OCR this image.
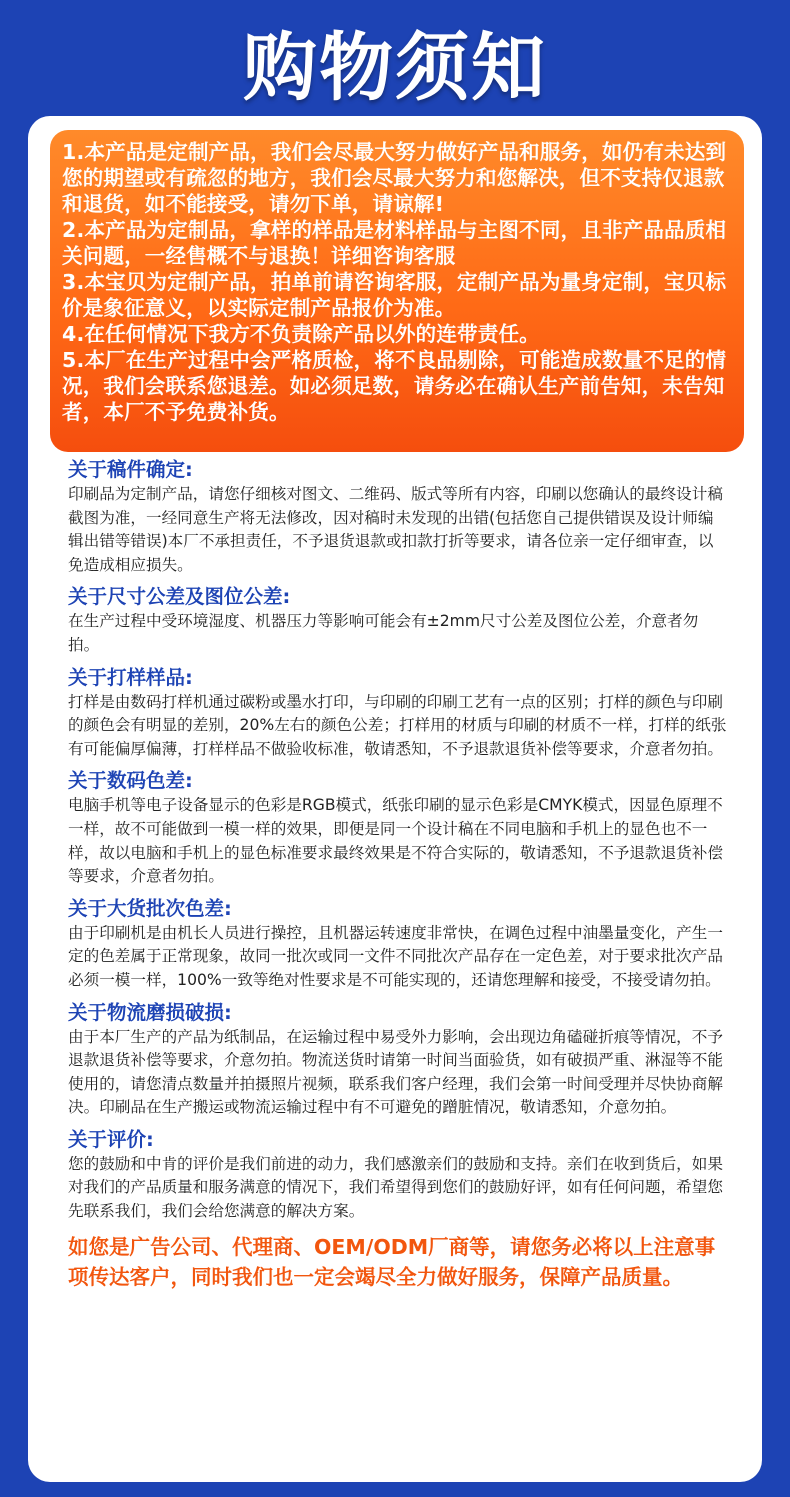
购物须知

1.本产品是定制产品，我们会尽最大努力做好产品和服务，如仍有未达到您的期望或有疏忽的地方，我们会尽最大努力和您解决，但不支持仅退款和退货，如不能接受，请勿下单，请谅解!

2.本产品为定制品，拿样的样品是材料样品与主图不同，且非产品品质相关问题，一经售概不与退换！详细咨询客服

3.本宝贝为定制产品，拍单前请咨询客服，定制产品为量身定制，宝贝标价是象征意义，以实际定制产品报价为准。

4.在任何情况下我方不负责除产品以外的连带责任。

5.本厂在生产过程中会严格质检，将不良品剔除，可能造成数量不足的情况，我们会联系您退差。如必须足数，请务必在确认生产前告知，未告知者，本厂不予免费补货。

关于稿件确定:

印刷品为定制产品，请您仔细核对图文、二维码、版式等所有内容，印刷以您确认的最终设计稿截图为准，一经同意生产将无法修改，因对稿时未发现的出错(包括您自己提供错误及设计师编辑出错等错误)本厂不承担责任，不予退货退款或扣款打折等要求，请各位亲一定仔细审查，以免造成相应损失。

关于尺寸公差及图位公差:

在生产过程中受环境湿度、机器压力等影响可能会有±2mm尺寸公差及图位公差，介意者勿拍。

关于打样样品:

打样是由数码打样机通过碳粉或墨水打印，与印刷的印刷工艺有一点的区别；打样的颜色与印刷的颜色会有明显的差别，20%左右的颜色公差；打样用的材质与印刷的材质不一样，打样的纸张有可能偏厚偏薄，打样样品不做验收标准，敬请悉知，不予退款退货补偿等要求，介意者勿拍。

关于数码色差:

电脑手机等电子设备显示的色彩是RGB模式，纸张印刷的显示色彩是CMYK模式，因显色原理不一样，故不可能做到一模一样的效果，即便是同一个设计稿在不同电脑和手机上的显色也不一样，故以电脑和手机上的显色标准要求最终效果是不符合实际的，敬请悉知，不予退款退货补偿等要求，介意者勿拍。

关于大货批次色差:

由于印刷机是由机长人员进行操控，且机器运转速度非常快，在调色过程中油墨量变化，产生一定的色差属于正常现象，故同一批次或同一文件不同批次产品存在一定色差，对于要求批次产品必须一模一样，100%一致等绝对性要求是不可能实现的，还请您理解和接受，不接受请勿拍。

关于物流磨损破损:

由于本厂生产的产品为纸制品，在运输过程中易受外力影响，会出现边角磕碰折痕等情况，不予退款退货补偿等要求，介意勿拍。物流送货时请第一时间当面验货，如有破损严重、淋湿等不能使用的，请您清点数量并拍摄照片视频，联系我们客户经理，我们会第一时间受理并尽快协商解决。印刷品在生产搬运或物流运输过程中有不可避免的蹭脏情况，敬请悉知，介意勿拍。

关于评价:

您的鼓励和中肯的评价是我们前进的动力，我们感激亲们的鼓励和支持。亲们在收到货后，如果对我们的产品质量和服务满意的情况下，我们希望得到您们的鼓励好评，如有任何问题，希望您先联系我们，我们会给您满意的解决方案。

如您是广告公司、代理商、OEM/ODM厂商等，请您务必将以上注意事项传达客户，同时我们也一定会竭尽全力做好服务，保障产品质量。
